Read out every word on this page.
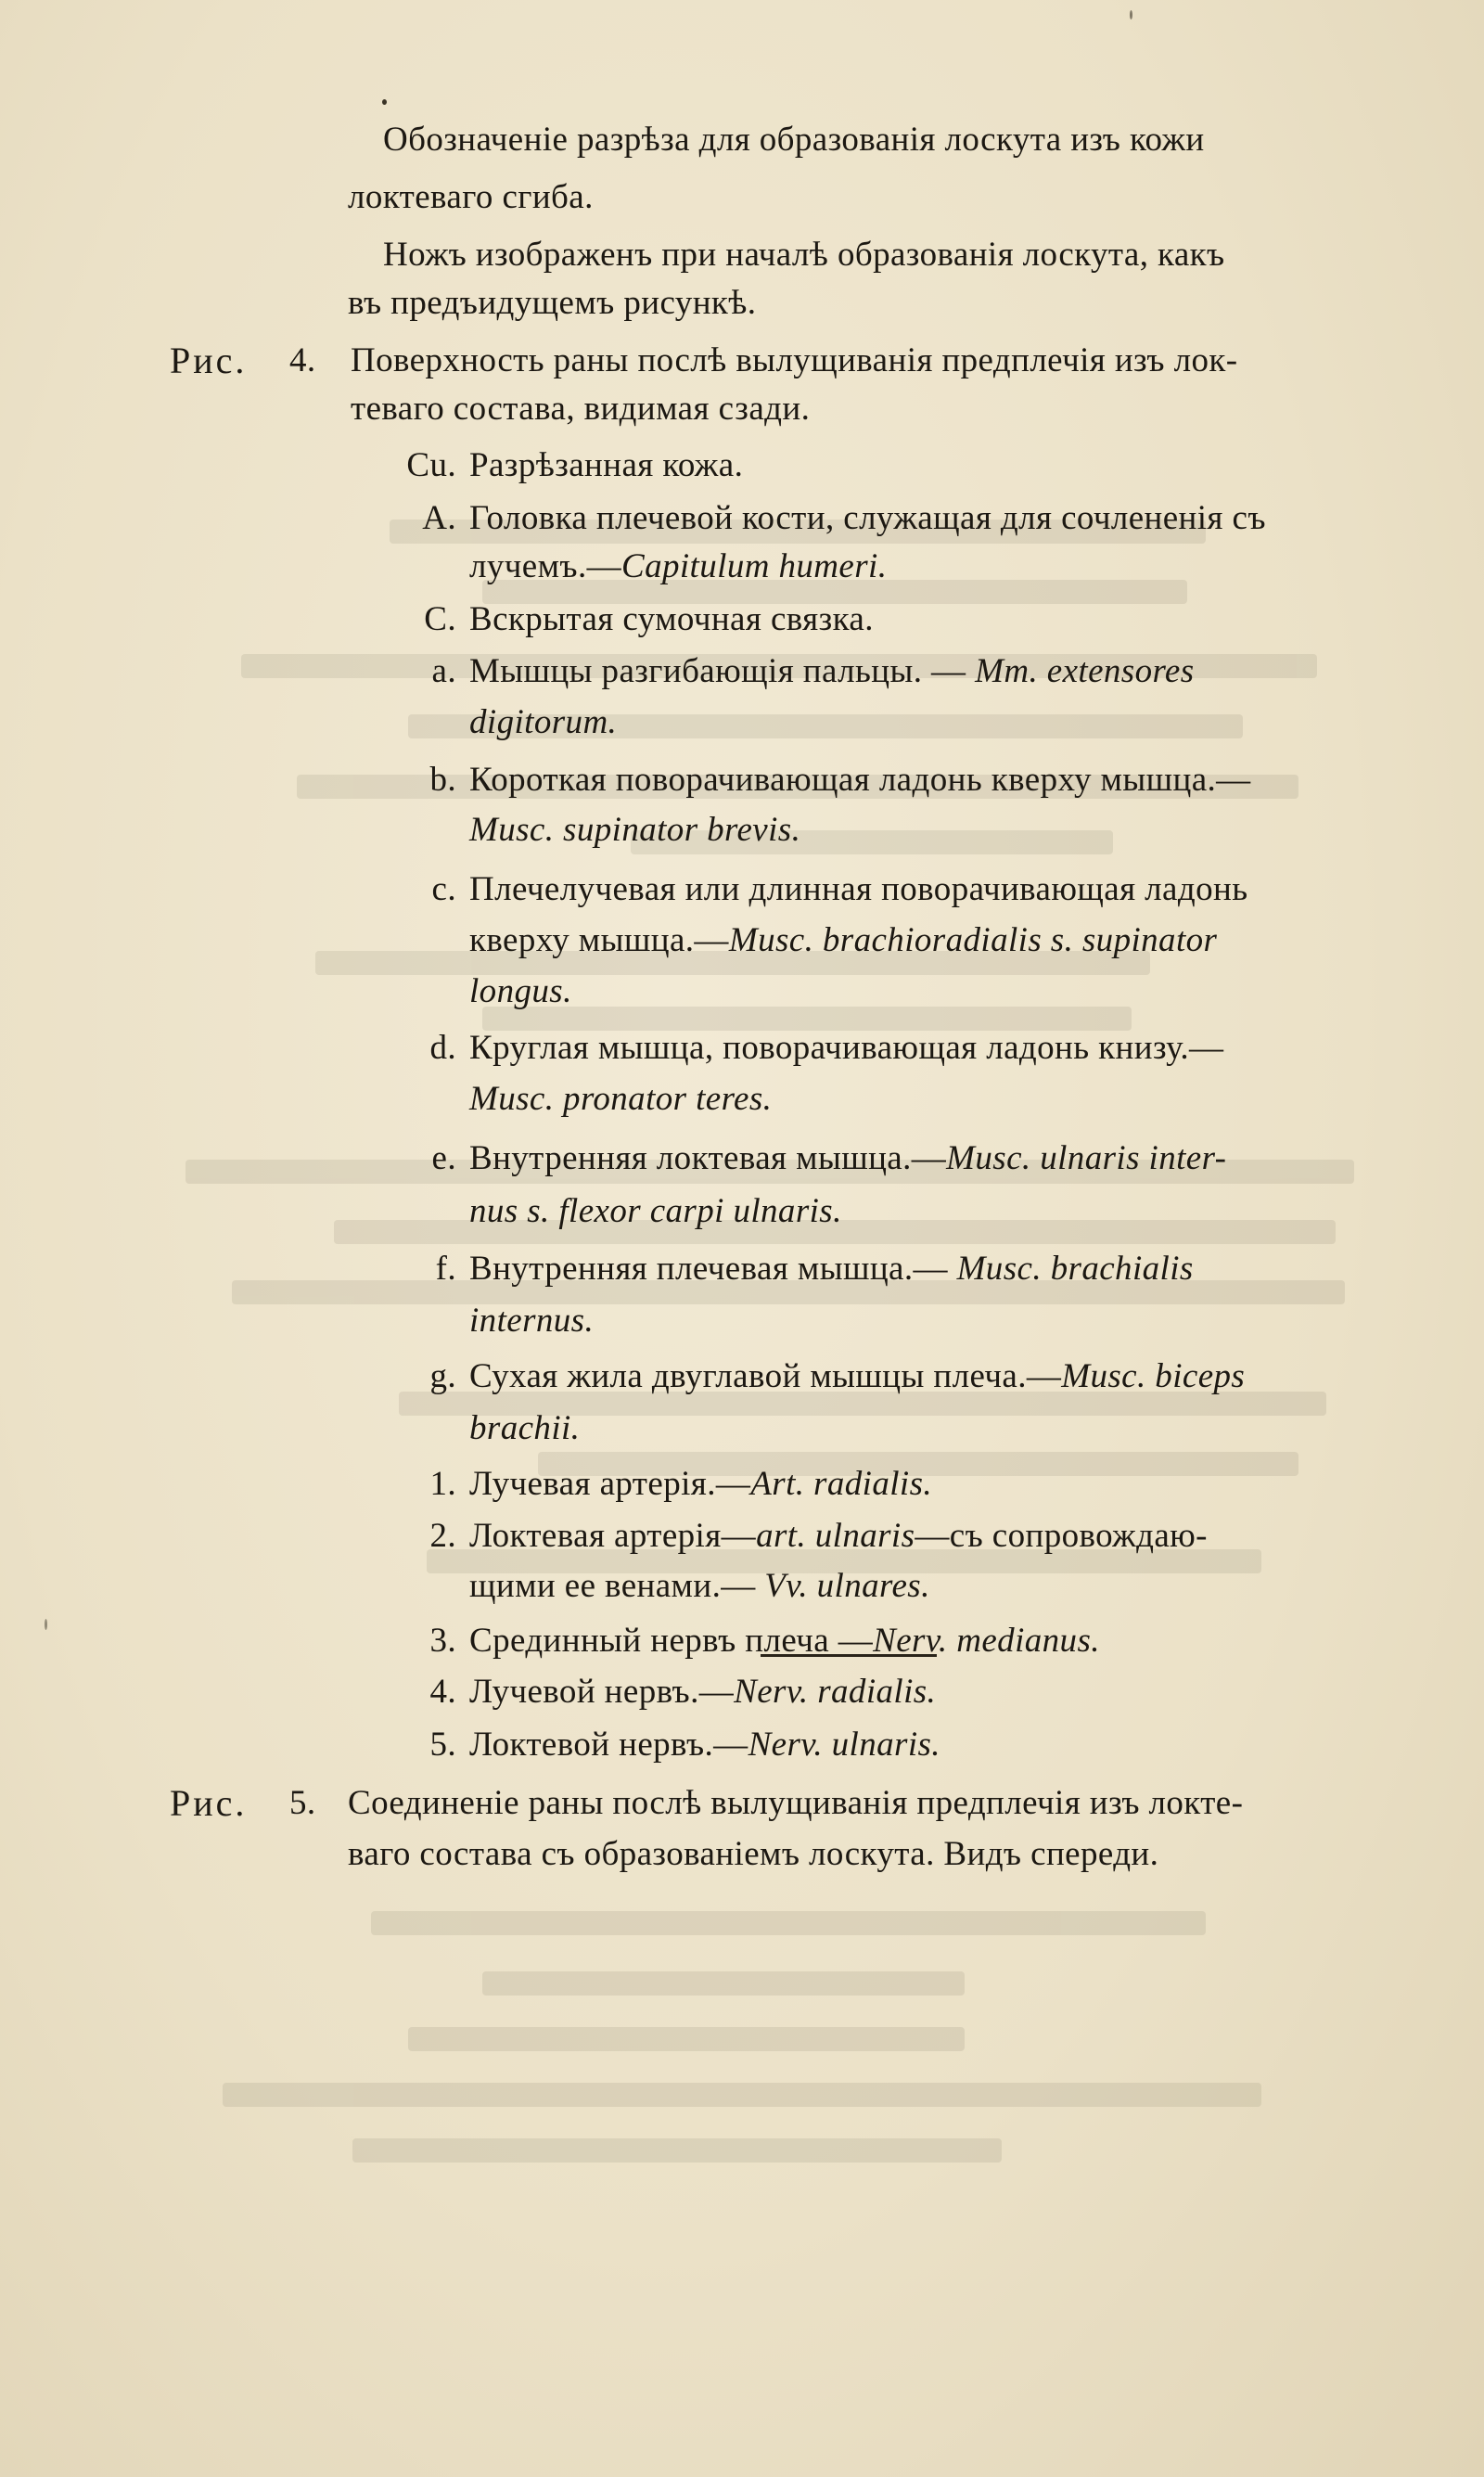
Обозначеніе разрѣза для образованія лоскута изъ кожи
локтеваго сгиба.
Ножъ изображенъ при началѣ образованія лоскута, какъ
въ предъидущемъ рисункѣ.
Рис. 4. Поверхность раны послѣ вылущиванія предплечія изъ лок-
теваго состава, видимая сзади.
Cu. Разрѣзанная кожа.
A. Головка плечевой кости, служащая для сочлененія съ
лучемъ.—Capitulum humeri.
C. Вскрытая сумочная связка.
a. Мышцы разгибающія пальцы. — Mm. extensores
digitorum.
b. Короткая поворачивающая ладонь кверху мышца.—
Musc. supinator brevis.
c. Плечелучевая или длинная поворачивающая ладонь
кверху мышца.—Musc. brachioradialis s. supinator
longus.
d. Круглая мышца, поворачивающая ладонь книзу.—
Musc. pronator teres.
e. Внутренняя локтевая мышца.—Musc. ulnaris inter-
nus s. flexor carpi ulnaris.
f. Внутренняя плечевая мышца.— Musc. brachialis
internus.
g. Сухая жила двуглавой мышцы плеча.—Musc. biceps
brachii.
1. Лучевая артерія.—Art. radialis.
2. Локтевая артерія—art. ulnaris—съ сопровождаю-
щими ее венами.— Vv. ulnares.
3. Срединный нервъ плеча —Nerv. medianus.
4. Лучевой нервъ.—Nerv. radialis.
5. Локтевой нервъ.—Nerv. ulnaris.
Рис. 5. Соединеніе раны послѣ вылущиванія предплечія изъ локте-
ваго состава съ образованіемъ лоскута. Видъ спереди.
